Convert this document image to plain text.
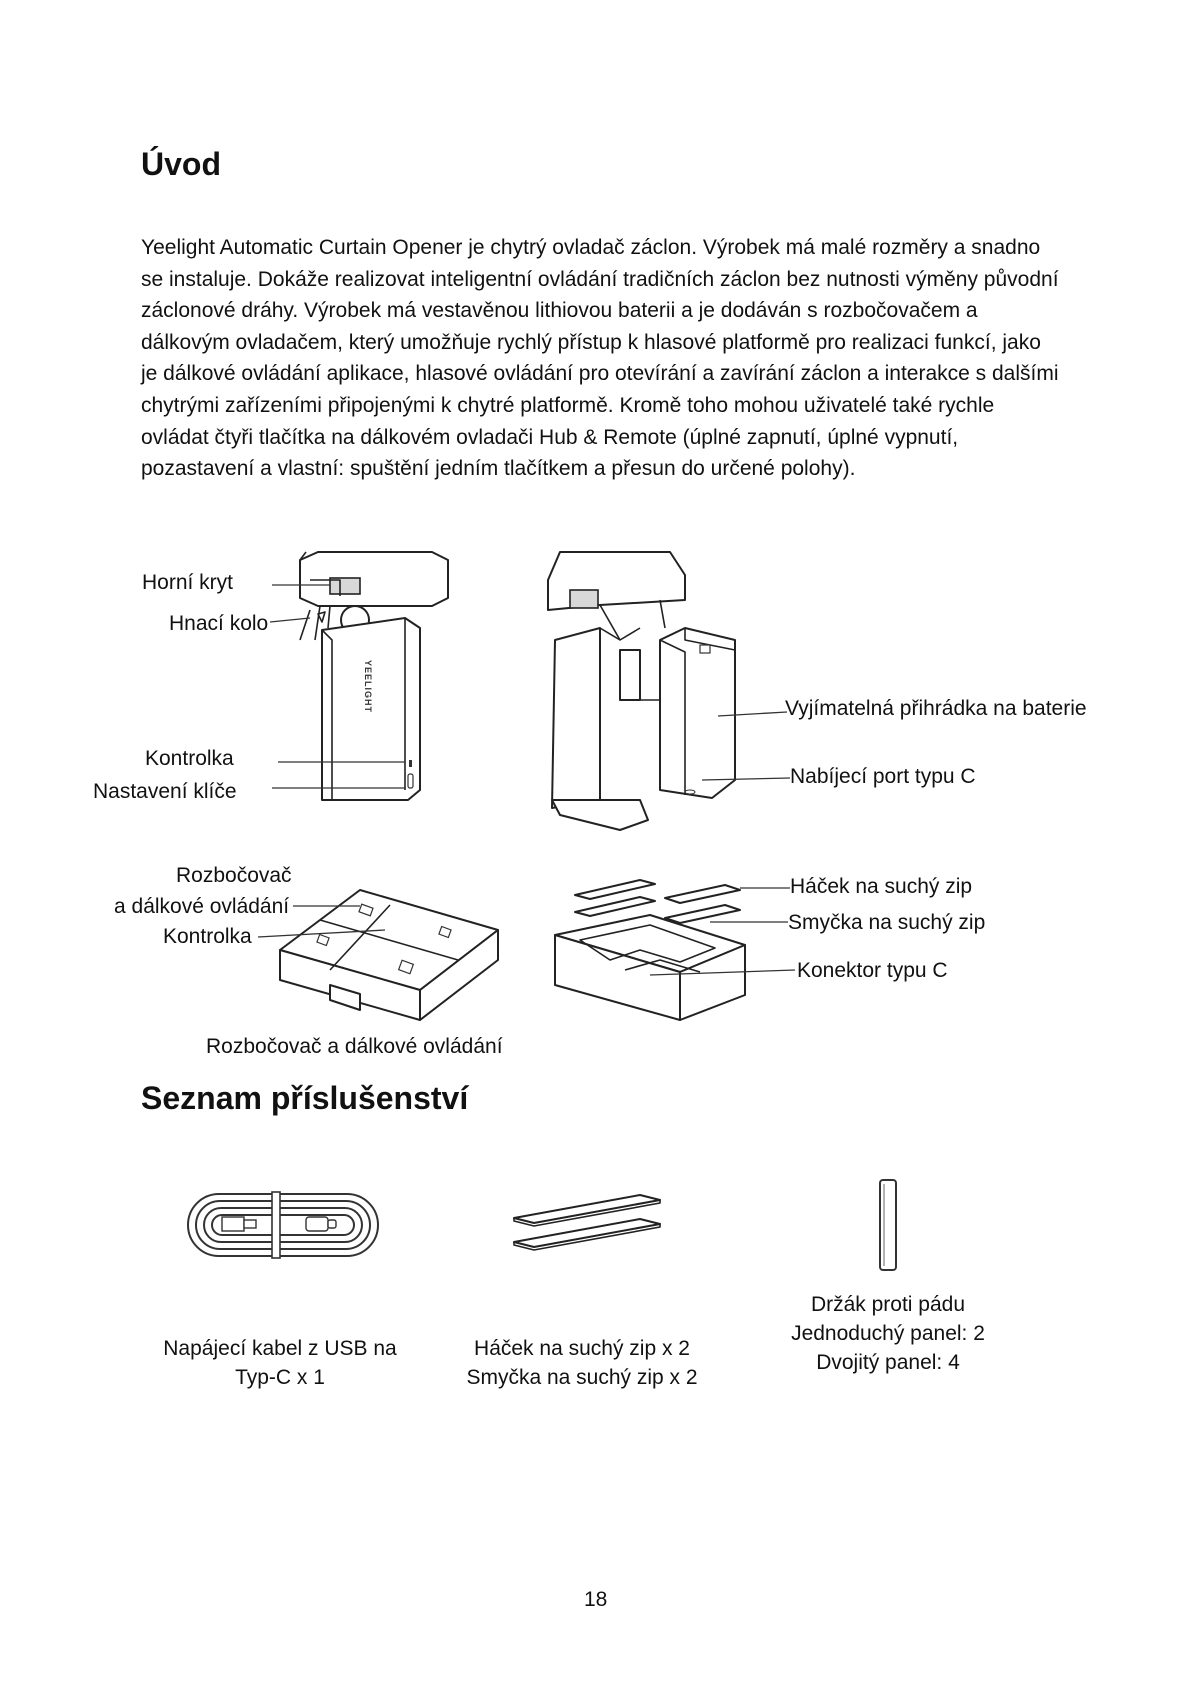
Úvod
Yeelight Automatic Curtain Opener je chytrý ovladač záclon. Výrobek má malé rozměry a snadno se instaluje. Dokáže realizovat inteligentní ovládání tradičních záclon bez nutnosti výměny původní záclonové dráhy. Výrobek má vestavěnou lithiovou baterii a je dodáván s rozbočovačem a dálkovým ovladačem, který umožňuje rychlý přístup k hlasové platformě pro realizaci funkcí, jako je dálkové ovládání aplikace, hlasové ovládání pro otevírání a zavírání záclon a interakce s dalšími chytrými zařízeními připojenými k chytré platformě. Kromě toho mohou uživatelé také rychle ovládat čtyři tlačítka na dálkovém ovladači Hub & Remote (úplné zapnutí, úplné vypnutí, pozastavení a vlastní: spuštění jedním tlačítkem a přesun do určené polohy).
YEELIGHT
Horní kryt
Hnací kolo
Kontrolka
Nastavení klíče
Vyjímatelná přihrádka na baterie
Nabíjecí port typu C
Rozbočovač
a dálkové ovládání
Kontrolka
Rozbočovač a dálkové ovládání
Háček na suchý zip
Smyčka na suchý zip
Konektor typu C
Seznam příslušenství
Napájecí kabel z USB na
Typ-C x 1
Háček na suchý zip x 2
Smyčka na suchý zip x 2
Držák proti pádu
Jednoduchý panel: 2
Dvojitý panel: 4
18
